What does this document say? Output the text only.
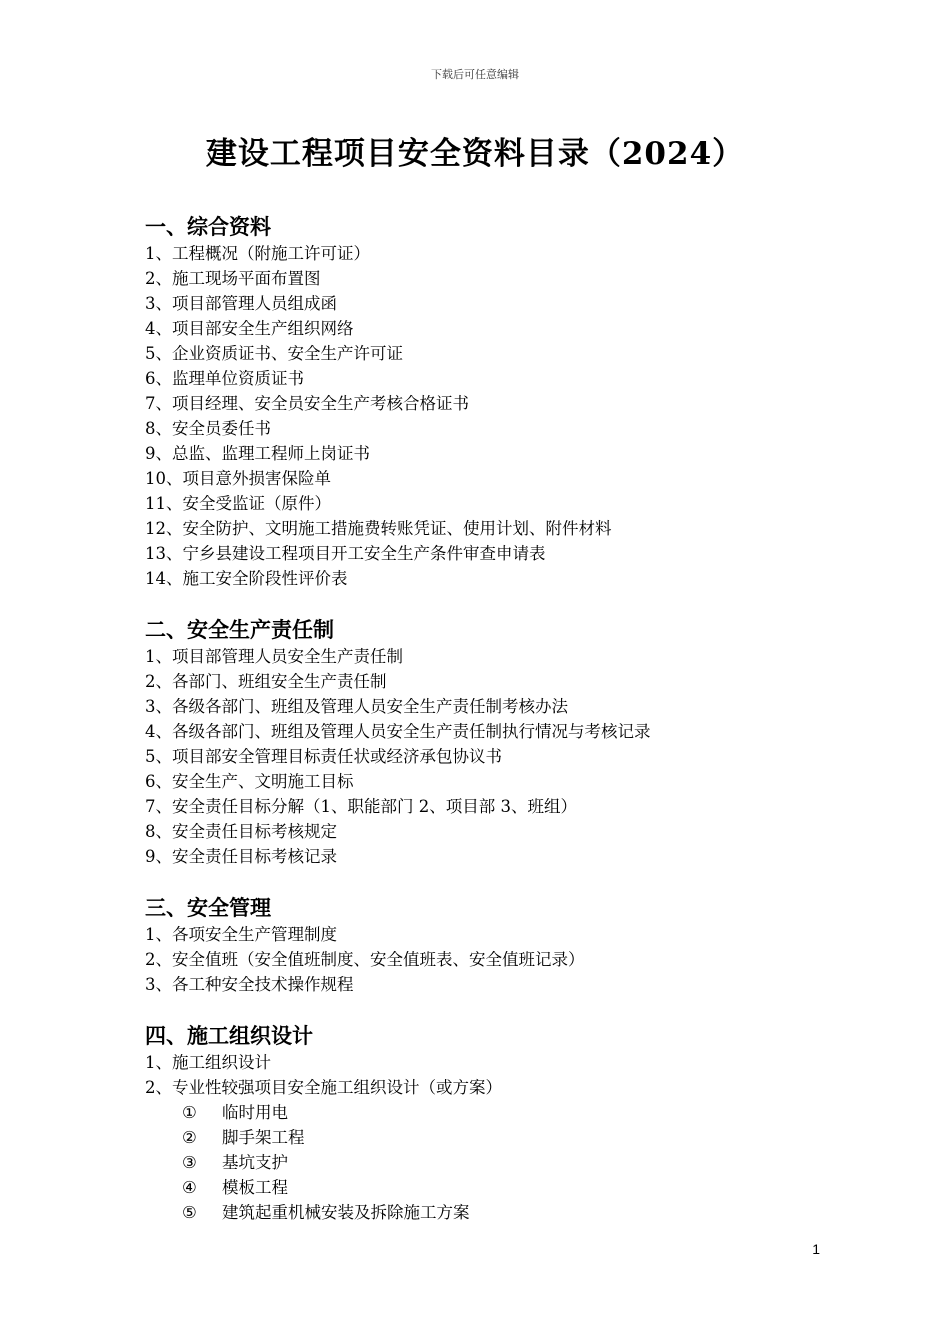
下载后可任意编辑
建设工程项目安全资料目录（2024）
一、综合资料
1、工程概况（附施工许可证）
2、施工现场平面布置图
3、项目部管理人员组成函
4、项目部安全生产组织网络
5、企业资质证书、安全生产许可证
6、监理单位资质证书
7、项目经理、安全员安全生产考核合格证书
8、安全员委任书
9、总监、监理工程师上岗证书
10、项目意外损害保险单
11、安全受监证（原件）
12、安全防护、文明施工措施费转账凭证、使用计划、附件材料
13、宁乡县建设工程项目开工安全生产条件审查申请表
14、施工安全阶段性评价表
二、安全生产责任制
1、项目部管理人员安全生产责任制
2、各部门、班组安全生产责任制
3、各级各部门、班组及管理人员安全生产责任制考核办法
4、各级各部门、班组及管理人员安全生产责任制执行情况与考核记录
5、项目部安全管理目标责任状或经济承包协议书
6、安全生产、文明施工目标
7、安全责任目标分解（1、职能部门 2、项目部 3、班组）
8、安全责任目标考核规定
9、安全责任目标考核记录
三、安全管理
1、各项安全生产管理制度
2、安全值班（安全值班制度、安全值班表、安全值班记录）
3、各工种安全技术操作规程
四、施工组织设计
1、施工组织设计
2、专业性较强项目安全施工组织设计（或方案）
① 临时用电
② 脚手架工程
③ 基坑支护
④ 模板工程
⑤ 建筑起重机械安装及拆除施工方案
1
